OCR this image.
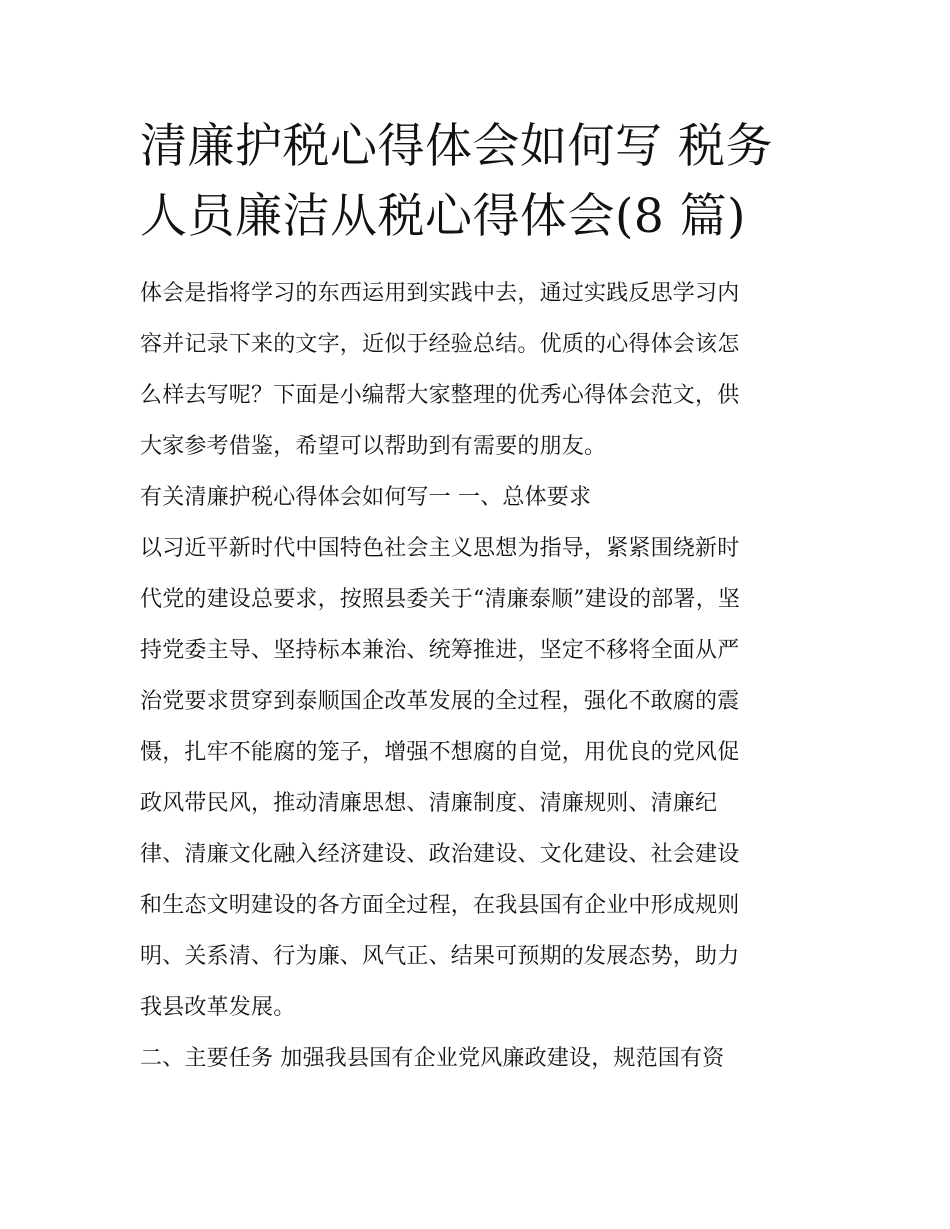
清廉护税心得体会如何写 税务
人员廉洁从税心得体会(8 篇)
体会是指将学习的东西运用到实践中去，通过实践反思学习内
容并记录下来的文字，近似于经验总结。优质的心得体会该怎
么样去写呢？下面是小编帮大家整理的优秀心得体会范文，供
大家参考借鉴，希望可以帮助到有需要的朋友。
有关清廉护税心得体会如何写一 一、总体要求
以习近平新时代中国特色社会主义思想为指导，紧紧围绕新时
代党的建设总要求，按照县委关于“清廉泰顺”建设的部署，坚
持党委主导、坚持标本兼治、统筹推进，坚定不移将全面从严
治党要求贯穿到泰顺国企改革发展的全过程，强化不敢腐的震
慑，扎牢不能腐的笼子，增强不想腐的自觉，用优良的党风促
政风带民风，推动清廉思想、清廉制度、清廉规则、清廉纪
律、清廉文化融入经济建设、政治建设、文化建设、社会建设
和生态文明建设的各方面全过程，在我县国有企业中形成规则
明、关系清、行为廉、风气正、结果可预期的发展态势，助力
我县改革发展。
二、主要任务 加强我县国有企业党风廉政建设，规范国有资
